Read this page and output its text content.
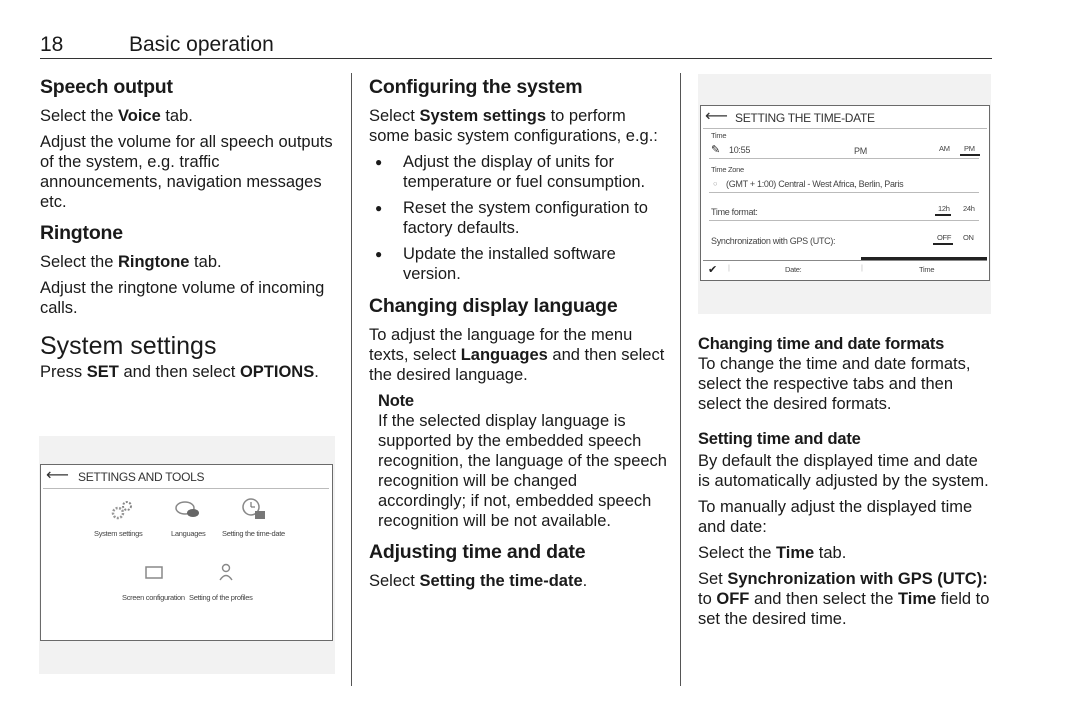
18	Basic operation
Speech output

Select the Voice tab.

Adjust the volume for all speech outputs of the system, e.g. traffic announcements, navigation messages etc.

Ringtone

Select the Ringtone tab.

Adjust the ringtone volume of incoming calls.

System settings

Press SET and then select OPTIONS.

⟵ SETTINGS AND TOOLS
System settings	Languages Setting the time-date
Screen configuration Setting of the profiles
Configuring the system

Select System settings to perform some basic system configurations, e.g.:

● Adjust the display of units for temperature or fuel consumption.
● Reset the system configuration to factory defaults.
● Update the installed software version.
Changing display language

To adjust the language for the menu texts, select Languages and then select the desired language.

Note

If the selected display language is supported by the embedded speech recognition, the language of the speech recognition will be changed accordingly; if not, embedded speech recognition will be not available.

Adjusting time and date

Select Setting the time-date.

⟵ SETTING THE TIME-DATE
Time
✎ 10:55	PM	AM PM
Time Zone
○ (GMT + 1:00) Central - West Africa, Berlin, Paris
Time format:	12h 24h
Synchronization with GPS (UTC):	OFF ON
✔ |	Date:	|	Time
Changing time and date formats

To change the time and date formats, select the respective tabs and then select the desired formats.

Setting time and date

By default the displayed time and date is automatically adjusted by the system.

To manually adjust the displayed time and date:

Select the Time tab.

Set Synchronization with GPS (UTC): to OFF and then select the Time field to set the desired time.
